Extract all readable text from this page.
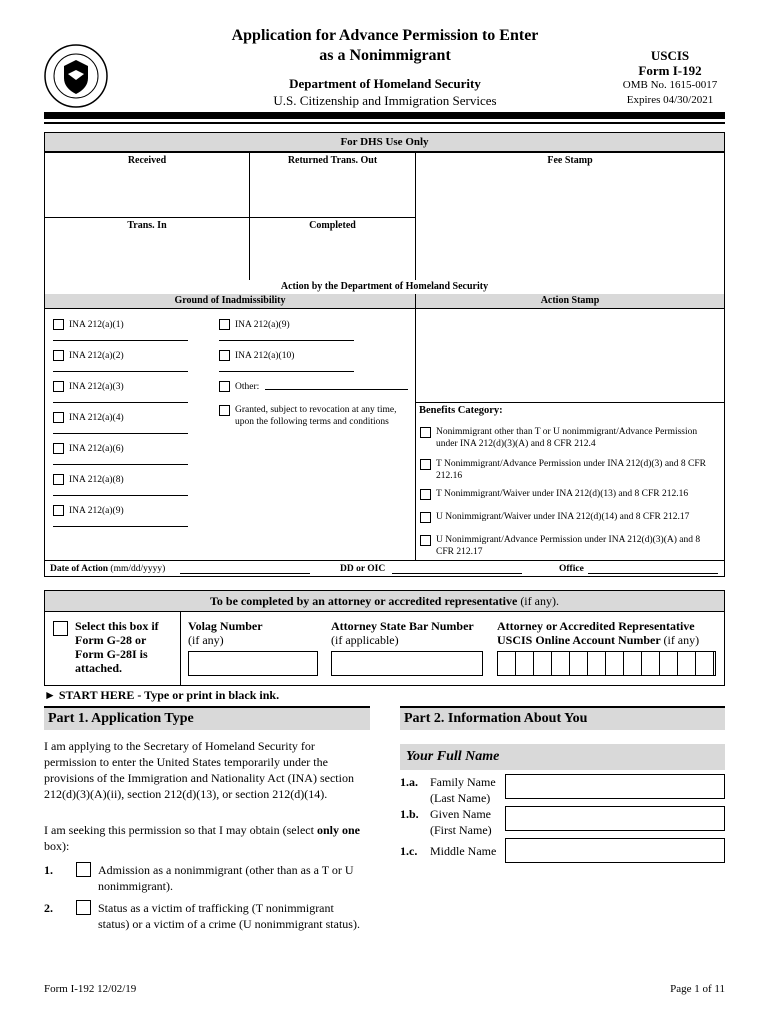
Application for Advance Permission to Enter
as a Nonimmigrant
Department of Homeland Security
U.S. Citizenship and Immigration Services
USCIS
Form I-192
OMB No. 1615-0017
Expires 04/30/2021
For DHS Use Only
Received	Returned Trans. Out	Fee Stamp
Trans. In	Completed
Action by the Department of Homeland Security
Ground of Inadmissibility	Action Stamp
INA 212(a)(1)
INA 212(a)(2)
INA 212(a)(3)
INA 212(a)(4)
INA 212(a)(6)
INA 212(a)(8)
INA 212(a)(9)
INA 212(a)(9)
INA 212(a)(10)
Other:
Granted, subject to revocation at any time, upon the following terms and conditions
Benefits Category:
Nonimmigrant other than T or U nonimmigrant/Advance Permission under INA 212(d)(3)(A) and 8 CFR 212.4
T Nonimmigrant/Advance Permission under INA 212(d)(3) and 8 CFR 212.16
T Nonimmigrant/Waiver under INA 212(d)(13) and 8 CFR 212.16
U Nonimmigrant/Waiver under INA 212(d)(14) and 8 CFR 212.17
U Nonimmigrant/Advance Permission under INA 212(d)(3)(A) and 8 CFR 212.17
Date of Action (mm/dd/yyyy)	DD or OIC	Office
To be completed by an attorney or accredited representative (if any).
Select this box if Form G-28 or Form G-28I is attached.
Volag Number
(if any)
Attorney State Bar Number
(if applicable)
Attorney or Accredited Representative
USCIS Online Account Number (if any)
► START HERE - Type or print in black ink.
Part 1. Application Type
I am applying to the Secretary of Homeland Security for permission to enter the United States temporarily under the provisions of the Immigration and Nationality Act (INA) section 212(d)(3)(A)(ii), section 212(d)(13), or section 212(d)(14).
I am seeking this permission so that I may obtain (select only one box):
1.	Admission as a nonimmigrant (other than as a T or U nonimmigrant).
2.	Status as a victim of trafficking (T nonimmigrant status) or a victim of a crime (U nonimmigrant status).
Part 2. Information About You
Your Full Name
1.a. Family Name (Last Name)
1.b. Given Name (First Name)
1.c. Middle Name
Form I-192 12/02/19	Page 1 of 11
